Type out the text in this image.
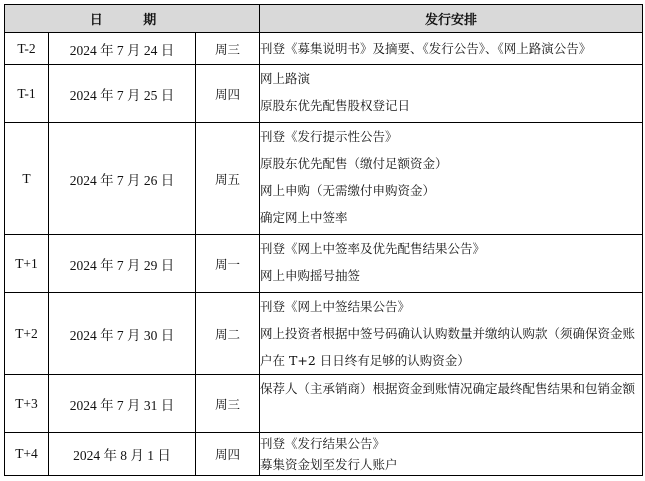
日 期			发行安排
T-2	2024 年 7 月 24 日	周三	刊登《募集说明书》及摘要、《发行公告》、《网上路演公告》

T-1	2024 年 7 月 25 日	周四	网上路演
原股东优先配售股权登记日

T	2024 年 7 月 26 日	周五	刊登《发行提示性公告》
原股东优先配售（缴付足额资金）
网上申购（无需缴付申购资金）
确定网上中签率

T+1	2024 年 7 月 29 日	周一	刊登《网上中签率及优先配售结果公告》
网上申购摇号抽签

T+2	2024 年 7 月 30 日	周二	刊登《网上中签结果公告》
网上投资者根据中签号码确认认购数量并缴纳认购款（须确保资金账户在 T+2 日日终有足够的认购资金）

T+3	2024 年 7 月 31 日	周三	保荐人（主承销商）根据资金到账情况确定最终配售结果和包销金额

T+4	2024 年 8 月 1 日	周四	刊登《发行结果公告》
募集资金划至发行人账户
